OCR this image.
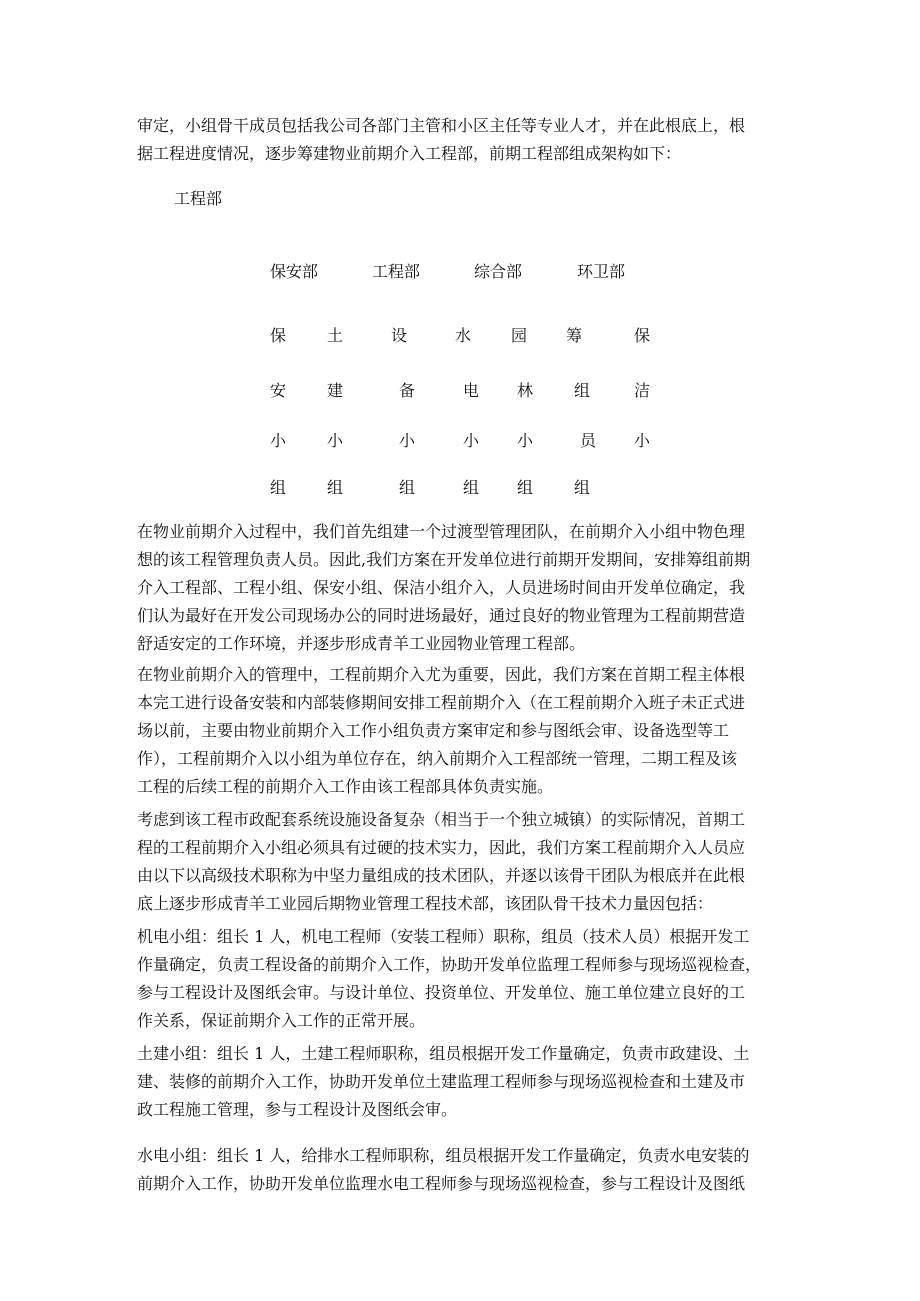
审定，小组骨干成员包括我公司各部门主管和小区主任等专业人才，并在此根底上，根
据工程进度情况，逐步筹建物业前期介入工程部，前期工程部组成架构如下：

工程部

保安部	工程部	综合部	环卫部
保
安
小
组
土
建
小
组
设
备
小
组
水
电
小
组
园
林
小
组
筹
组
员
组
保
洁
小

在物业前期介入过程中，我们首先组建一个过渡型管理团队，在前期介入小组中物色理
想的该工程管理负责人员。因此,我们方案在开发单位进行前期开发期间，安排筹组前期
介入工程部、工程小组、保安小组、保洁小组介入，人员进场时间由开发单位确定，我
们认为最好在开发公司现场办公的同时进场最好，通过良好的物业管理为工程前期营造
舒适安定的工作环境，并逐步形成青羊工业园物业管理工程部。

在物业前期介入的管理中，工程前期介入尤为重要，因此，我们方案在首期工程主体根
本完工进行设备安装和内部装修期间安排工程前期介入（在工程前期介入班子未正式进
场以前，主要由物业前期介入工作小组负责方案审定和参与图纸会审、设备选型等工
作），工程前期介入以小组为单位存在，纳入前期介入工程部统一管理，二期工程及该
工程的后续工程的前期介入工作由该工程部具体负责实施。

考虑到该工程市政配套系统设施设备复杂（相当于一个独立城镇）的实际情况，首期工
程的工程前期介入小组必须具有过硬的技术实力，因此，我们方案工程前期介入人员应
由以下以高级技术职称为中坚力量组成的技术团队，并逐以该骨干团队为根底并在此根
底上逐步形成青羊工业园后期物业管理工程技术部，该团队骨干技术力量因包括：

机电小组：组长 1 人，机电工程师（安装工程师）职称，组员（技术人员）根据开发工
作量确定，负责工程设备的前期介入工作，协助开发单位监理工程师参与现场巡视检查，
参与工程设计及图纸会审。与设计单位、投资单位、开发单位、施工单位建立良好的工
作关系，保证前期介入工作的正常开展。

土建小组：组长 1 人，土建工程师职称，组员根据开发工作量确定，负责市政建设、土
建、装修的前期介入工作，协助开发单位土建监理工程师参与现场巡视检查和土建及市
政工程施工管理，参与工程设计及图纸会审。

水电小组：组长 1 人，给排水工程师职称，组员根据开发工作量确定，负责水电安装的
前期介入工作，协助开发单位监理水电工程师参与现场巡视检查，参与工程设计及图纸
